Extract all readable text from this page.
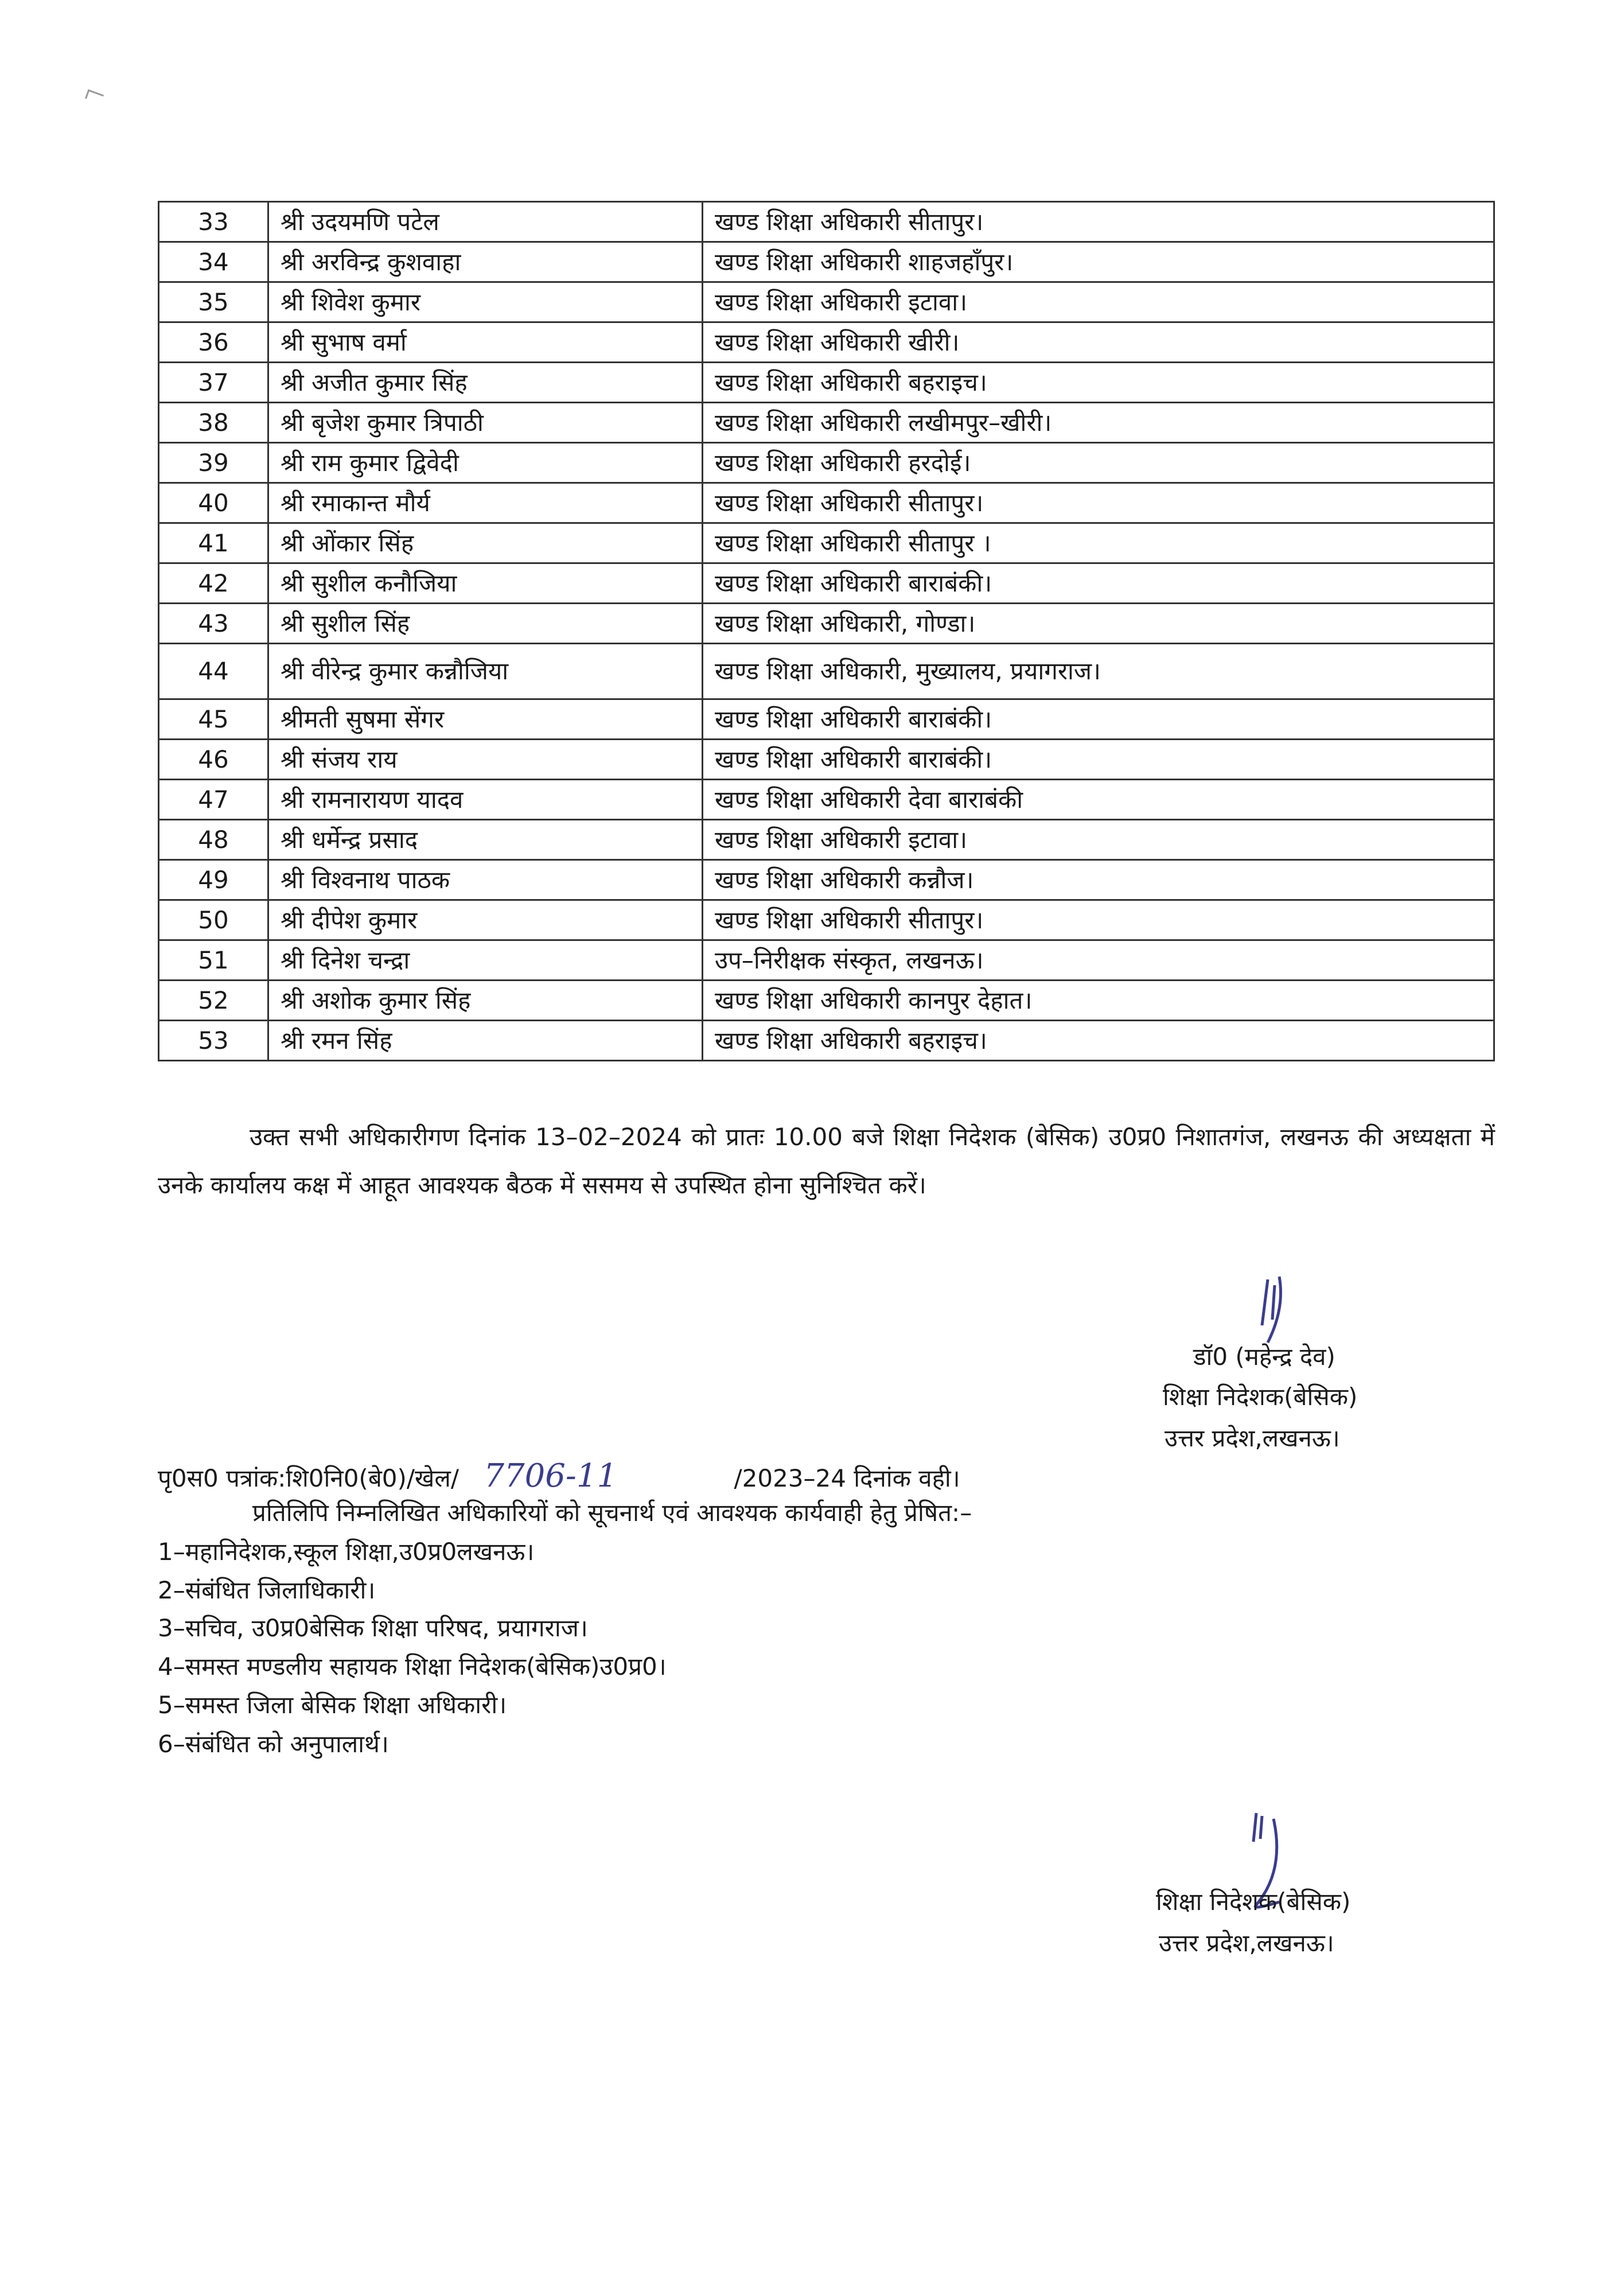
33	श्री उदयमणि पटेल	खण्ड शिक्षा अधिकारी सीतापुर।
34	श्री अरविन्द्र कुशवाहा	खण्ड शिक्षा अधिकारी शाहजहाँपुर।
35	श्री शिवेश कुमार	खण्ड शिक्षा अधिकारी इटावा।
36	श्री सुभाष वर्मा	खण्ड शिक्षा अधिकारी खीरी।
37	श्री अजीत कुमार सिंह	खण्ड शिक्षा अधिकारी बहराइच।
38	श्री बृजेश कुमार त्रिपाठी	खण्ड शिक्षा अधिकारी लखीमपुर–खीरी।
39	श्री राम कुमार द्विवेदी	खण्ड शिक्षा अधिकारी हरदोई।
40	श्री रमाकान्त मौर्य	खण्ड शिक्षा अधिकारी सीतापुर।
41	श्री ओंकार सिंह	खण्ड शिक्षा अधिकारी सीतापुर ।
42	श्री सुशील कनौजिया	खण्ड शिक्षा अधिकारी बाराबंकी।
43	श्री सुशील सिंह	खण्ड शिक्षा अधिकारी, गोण्डा।
44	श्री वीरेन्द्र कुमार कन्नौजिया	खण्ड शिक्षा अधिकारी, मुख्यालय, प्रयागराज।
45	श्रीमती सुषमा सेंगर	खण्ड शिक्षा अधिकारी बाराबंकी।
46	श्री संजय राय	खण्ड शिक्षा अधिकारी बाराबंकी।
47	श्री रामनारायण यादव	खण्ड शिक्षा अधिकारी देवा बाराबंकी
48	श्री धर्मेन्द्र प्रसाद	खण्ड शिक्षा अधिकारी इटावा।
49	श्री विश्वनाथ पाठक	खण्ड शिक्षा अधिकारी कन्नौज।
50	श्री दीपेश कुमार	खण्ड शिक्षा अधिकारी सीतापुर।
51	श्री दिनेश चन्द्रा	उप–निरीक्षक संस्कृत, लखनऊ।
52	श्री अशोक कुमार सिंह	खण्ड शिक्षा अधिकारी कानपुर देहात।
53	श्री रमन सिंह	खण्ड शिक्षा अधिकारी बहराइच।
उक्त सभी अधिकारीगण दिनांक 13–02–2024 को प्रातः 10.00 बजे शिक्षा निदेशक (बेसिक) उ0प्र0 निशातगंज, लखनऊ की अध्यक्षता में उनके कार्यालय कक्ष में आहूत आवश्यक बैठक में ससमय से उपस्थित होना सुनिश्चित करें।
डॉ0 (महेन्द्र देव)
शिक्षा निदेशक(बेसिक)
उत्तर प्रदेश,लखनऊ।
पृ0स0 पत्रांक:शि0नि0(बे0)/खेल/ 7706-11	/2023–24 दिनांक वही।
प्रतिलिपि निम्नलिखित अधिकारियों को सूचनार्थ एवं आवश्यक कार्यवाही हेतु प्रेषित:–
1–महानिदेशक,स्कूल शिक्षा,उ0प्र0लखनऊ।
2–संबंधित जिलाधिकारी।
3–सचिव, उ0प्र0बेसिक शिक्षा परिषद, प्रयागराज।
4–समस्त मण्डलीय सहायक शिक्षा निदेशक(बेसिक)उ0प्र0।
5–समस्त जिला बेसिक शिक्षा अधिकारी।
6–संबंधित को अनुपालार्थ।
शिक्षा निदेशक(बेसिक)
उत्तर प्रदेश,लखनऊ।
